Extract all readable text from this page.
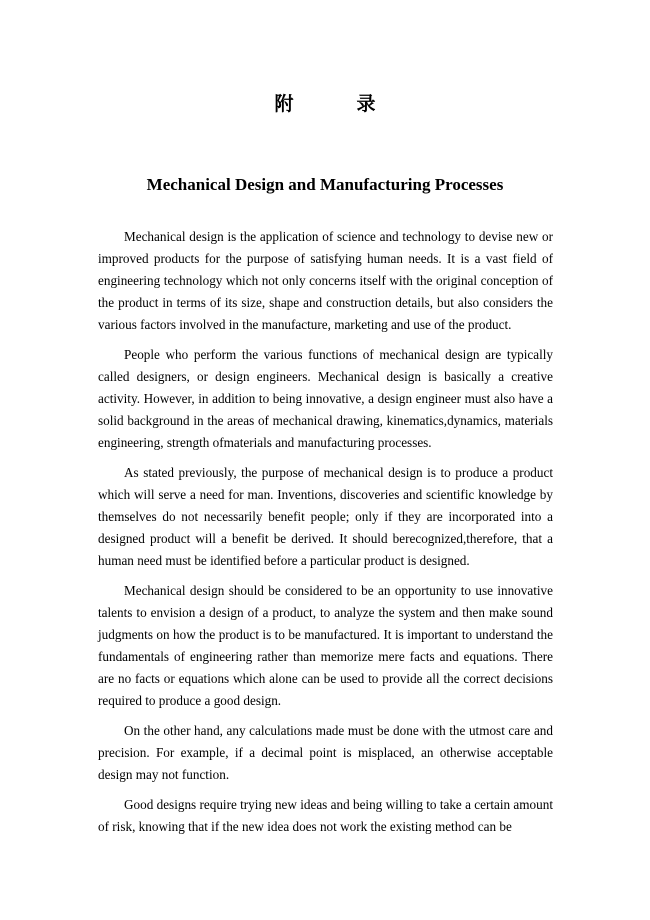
附　录
Mechanical Design and Manufacturing Processes

Mechanical design is the application of science and technology to devise new or improved products for the purpose of satisfying human needs. It is a vast field of engineering technology which not only concerns itself with the original conception of the product in terms of its size, shape and construction details, but also considers the various factors involved in the manufacture, marketing and use of the product.

People who perform the various functions of mechanical design are typically called designers, or design engineers. Mechanical design is basically a creative activity. However, in addition to being innovative, a design engineer must also have a solid background in the areas of mechanical drawing, kinematics,dynamics, materials engineering, strength ofmaterials and manufacturing processes.

As stated previously, the purpose of mechanical design is to produce a product which will serve a need for man. Inventions, discoveries and scientific knowledge by themselves do not necessarily benefit people; only if they are incorporated into a designed product will a benefit be derived. It should berecognized,therefore, that a human need must be identified before a particular product is designed.

Mechanical design should be considered to be an opportunity to use innovative talents to envision a design of a product, to analyze the system and then make sound judgments on how the product is to be manufactured. It is important to understand the fundamentals of engineering rather than memorize mere facts and equations. There are no facts or equations which alone can be used to provide all the correct decisions required to produce a good design.

On the other hand, any calculations made must be done with the utmost care and precision. For example, if a decimal point is misplaced, an otherwise acceptable design may not function.

Good designs require trying new ideas and being willing to take a certain amount of risk, knowing that if the new idea does not work the existing method can be
